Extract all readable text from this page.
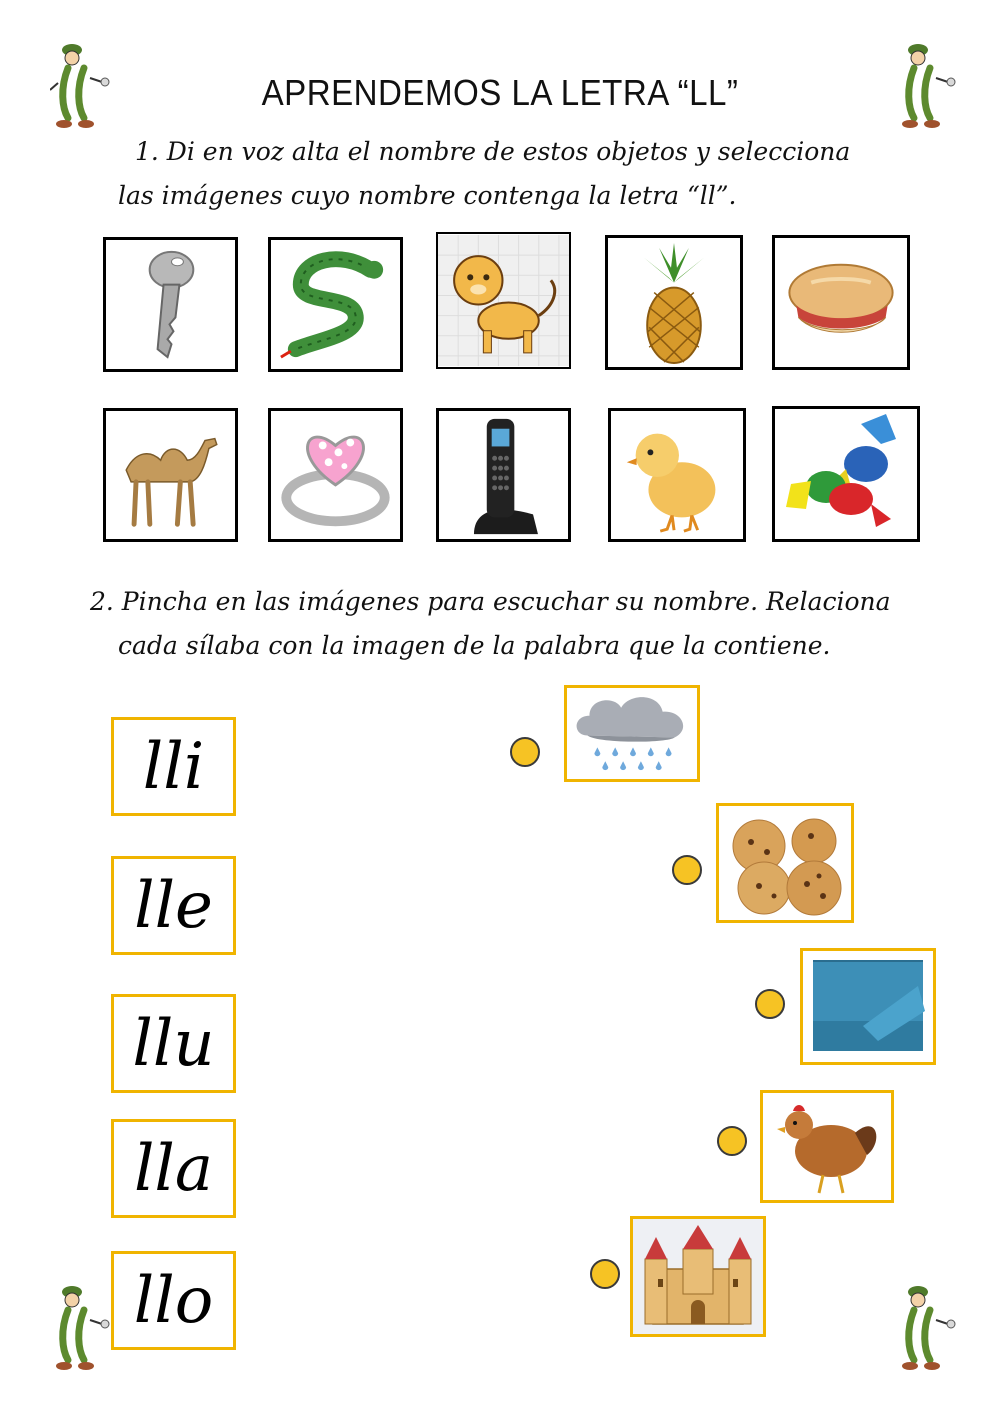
APRENDEMOS LA LETRA “LL”
1. Di en voz alta el nombre de estos objetos y selecciona
las imágenes cuyo nombre contenga la letra “ll”.
2. Pincha en las imágenes para escuchar su nombre. Relaciona
cada sílaba con la imagen de la palabra que la contiene.
lli
lle
llu
lla
llo
